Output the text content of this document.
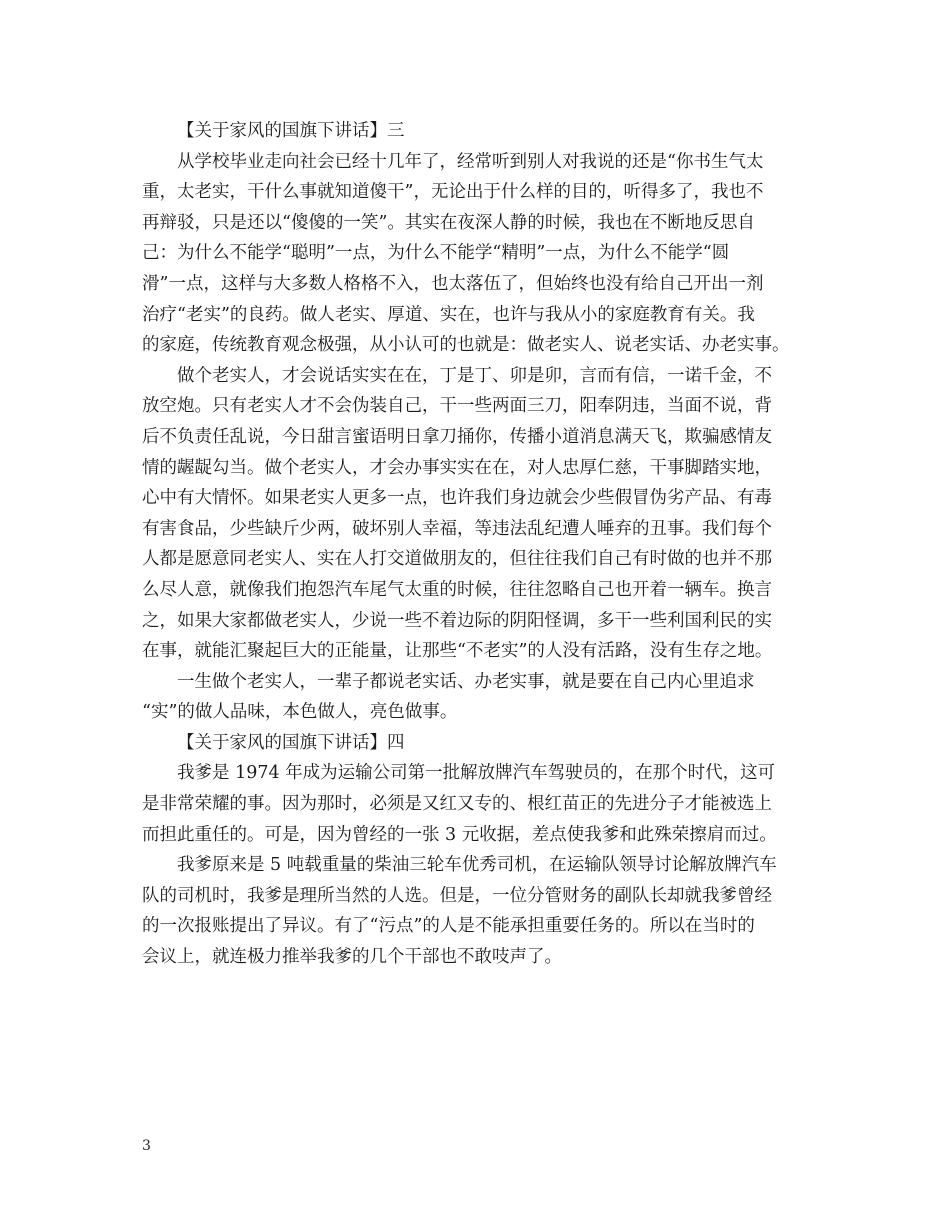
【关于家风的国旗下讲话】三
从学校毕业走向社会已经十几年了，经常听到别人对我说的还是“你书生气太
重，太老实，干什么事就知道傻干”，无论出于什么样的目的，听得多了，我也不
再辩驳，只是还以“傻傻的一笑”。其实在夜深人静的时候，我也在不断地反思自
己：为什么不能学“聪明”一点，为什么不能学“精明”一点，为什么不能学“圆
滑”一点，这样与大多数人格格不入，也太落伍了，但始终也没有给自己开出一剂
治疗“老实”的良药。做人老实、厚道、实在，也许与我从小的家庭教育有关。我
的家庭，传统教育观念极强，从小认可的也就是：做老实人、说老实话、办老实事。
做个老实人，才会说话实实在在，丁是丁、卯是卯，言而有信，一诺千金，不
放空炮。只有老实人才不会伪装自己，干一些两面三刀，阳奉阴违，当面不说，背
后不负责任乱说，今日甜言蜜语明日拿刀捅你，传播小道消息满天飞，欺骗感情友
情的龌龊勾当。做个老实人，才会办事实实在在，对人忠厚仁慈，干事脚踏实地，
心中有大情怀。如果老实人更多一点，也许我们身边就会少些假冒伪劣产品、有毒
有害食品，少些缺斤少两，破坏别人幸福，等违法乱纪遭人唾弃的丑事。我们每个
人都是愿意同老实人、实在人打交道做朋友的，但往往我们自己有时做的也并不那
么尽人意，就像我们抱怨汽车尾气太重的时候，往往忽略自己也开着一辆车。换言
之，如果大家都做老实人，少说一些不着边际的阴阳怪调，多干一些利国利民的实
在事，就能汇聚起巨大的正能量，让那些“不老实”的人没有活路，没有生存之地。
一生做个老实人，一辈子都说老实话、办老实事，就是要在自己内心里追求
“实”的做人品味，本色做人，亮色做事。
【关于家风的国旗下讲话】四
我爹是 1974 年成为运输公司第一批解放牌汽车驾驶员的，在那个时代，这可
是非常荣耀的事。因为那时，必须是又红又专的、根红苗正的先进分子才能被选上
而担此重任的。可是，因为曾经的一张 3 元收据，差点使我爹和此殊荣擦肩而过。
我爹原来是 5 吨载重量的柴油三轮车优秀司机，在运输队领导讨论解放牌汽车
队的司机时，我爹是理所当然的人选。但是，一位分管财务的副队长却就我爹曾经
的一次报账提出了异议。有了“污点”的人是不能承担重要任务的。所以在当时的
会议上，就连极力推举我爹的几个干部也不敢吱声了。
3
